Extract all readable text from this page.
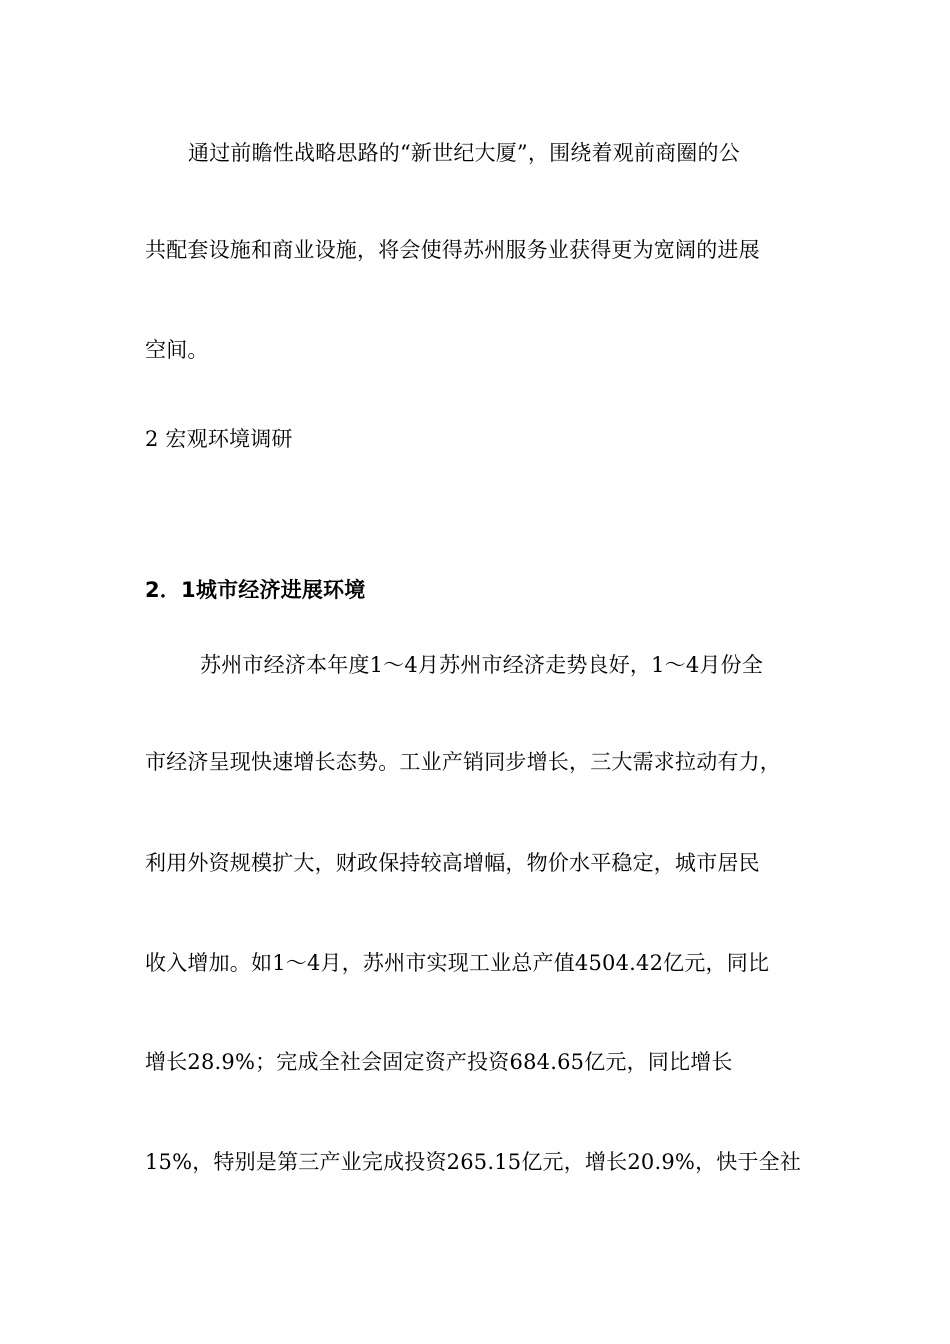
通过前瞻性战略思路的“新世纪大厦”，围绕着观前商圈的公
共配套设施和商业设施，将会使得苏州服务业获得更为宽阔的进展
空间。
2 宏观环境调研
2．1城市经济进展环境
苏州市经济本年度1～4月苏州市经济走势良好，1～4月份全
市经济呈现快速增长态势。工业产销同步增长，三大需求拉动有力，
利用外资规模扩大，财政保持较高增幅，物价水平稳定，城市居民
收入增加。如1～4月，苏州市实现工业总产值4504.42亿元，同比
增长28.9%；完成全社会固定资产投资684.65亿元，同比增长
15%，特别是第三产业完成投资265.15亿元，增长20.9%，快于全社
